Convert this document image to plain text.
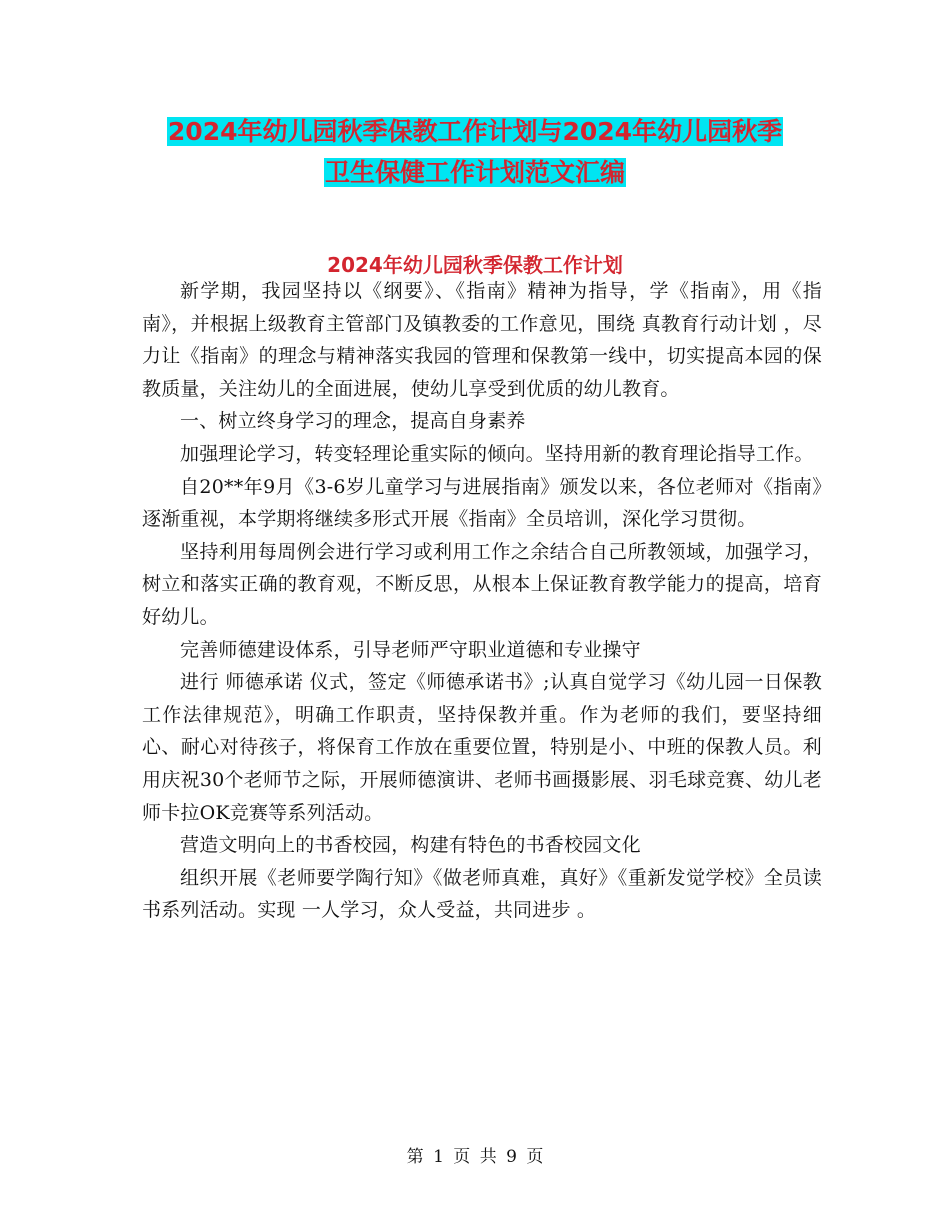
2024年幼儿园秋季保教工作计划与2024年幼儿园秋季
卫生保健工作计划范文汇编
2024年幼儿园秋季保教工作计划

新学期，我园坚持以《纲要》、《指南》精神为指导，学《指南》，用《指南》，并根据上级教育主管部门及镇教委的工作意见，围绕 真教育行动计划 ，尽力让《指南》的理念与精神落实我园的管理和保教第一线中，切实提高本园的保教质量，关注幼儿的全面进展，使幼儿享受到优质的幼儿教育。

一、树立终身学习的理念，提高自身素养

加强理论学习，转变轻理论重实际的倾向。坚持用新的教育理论指导工作。

自20**年9月《3-6岁儿童学习与进展指南》颁发以来，各位老师对《指南》逐渐重视，本学期将继续多形式开展《指南》全员培训，深化学习贯彻。

坚持利用每周例会进行学习或利用工作之余结合自己所教领域，加强学习，树立和落实正确的教育观，不断反思，从根本上保证教育教学能力的提高，培育好幼儿。

完善师德建设体系，引导老师严守职业道德和专业操守

进行 师德承诺 仪式，签定《师德承诺书》;认真自觉学习《幼儿园一日保教工作法律规范》，明确工作职责，坚持保教并重。作为老师的我们，要坚持细心、耐心对待孩子，将保育工作放在重要位置，特别是小、中班的保教人员。利用庆祝30个老师节之际，开展师德演讲、老师书画摄影展、羽毛球竞赛、幼儿老师卡拉OK竞赛等系列活动。

营造文明向上的书香校园，构建有特色的书香校园文化

组织开展《老师要学陶行知》《做老师真难，真好》《重新发觉学校》全员读书系列活动。实现 一人学习，众人受益，共同进步 。

第 1 页 共 9 页
